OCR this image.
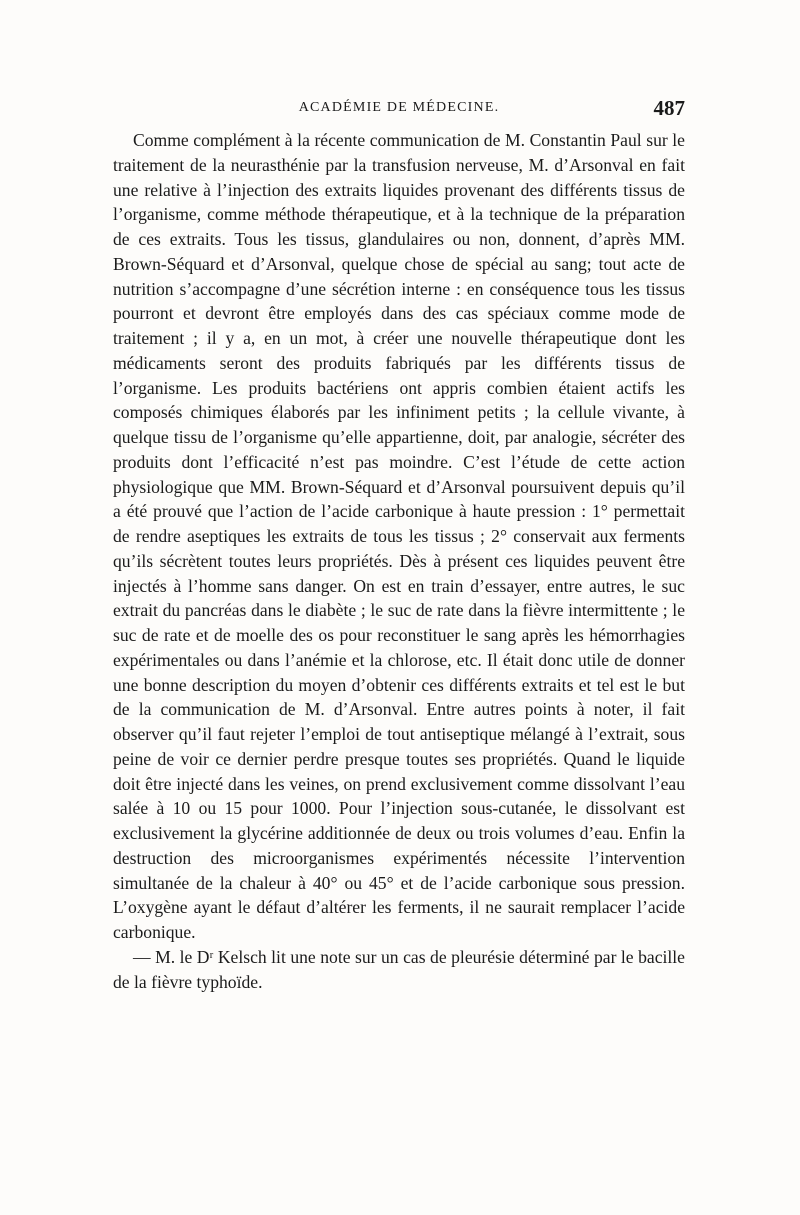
ACADÉMIE DE MÉDECINE.	487

Comme complément à la récente communication de M. Constantin Paul sur le traitement de la neurasthénie par la transfusion nerveuse, M. d’Arsonval en fait une relative à l’injection des extraits liquides provenant des différents tissus de l’organisme, comme méthode thérapeutique, et à la technique de la préparation de ces extraits. Tous les tissus, glandulaires ou non, donnent, d’après MM. Brown-Séquard et d’Arsonval, quelque chose de spécial au sang; tout acte de nutrition s’accompagne d’une sécrétion interne : en conséquence tous les tissus pourront et devront être employés dans des cas spéciaux comme mode de traitement ; il y a, en un mot, à créer une nouvelle thérapeutique dont les médicaments seront des produits fabriqués par les différents tissus de l’organisme. Les produits bactériens ont appris combien étaient actifs les composés chimiques élaborés par les infiniment petits ; la cellule vivante, à quelque tissu de l’organisme qu’elle appartienne, doit, par analogie, sécréter des produits dont l’efficacité n’est pas moindre. C’est l’étude de cette action physiologique que MM. Brown-Séquard et d’Arsonval poursuivent depuis qu’il a été prouvé que l’action de l’acide carbonique à haute pression : 1° permettait de rendre aseptiques les extraits de tous les tissus ; 2° conservait aux ferments qu’ils sécrètent toutes leurs propriétés. Dès à présent ces liquides peuvent être injectés à l’homme sans danger. On est en train d’essayer, entre autres, le suc extrait du pancréas dans le diabète ; le suc de rate dans la fièvre intermittente ; le suc de rate et de moelle des os pour reconstituer le sang après les hémorrhagies expérimentales ou dans l’anémie et la chlorose, etc. Il était donc utile de donner une bonne description du moyen d’obtenir ces différents extraits et tel est le but de la communication de M. d’Arsonval. Entre autres points à noter, il fait observer qu’il faut rejeter l’emploi de tout antiseptique mélangé à l’extrait, sous peine de voir ce dernier perdre presque toutes ses propriétés. Quand le liquide doit être injecté dans les veines, on prend exclusivement comme dissolvant l’eau salée à 10 ou 15 pour 1000. Pour l’injection sous-cutanée, le dissolvant est exclusivement la glycérine additionnée de deux ou trois volumes d’eau. Enfin la destruction des microorganismes expérimentés nécessite l’intervention simultanée de la chaleur à 40° ou 45° et de l’acide carbonique sous pression. L’oxygène ayant le défaut d’altérer les ferments, il ne saurait remplacer l’acide carbonique.

— M. le Dʳ Kelsch lit une note sur un cas de pleurésie déterminé par le bacille de la fièvre typhoïde.
